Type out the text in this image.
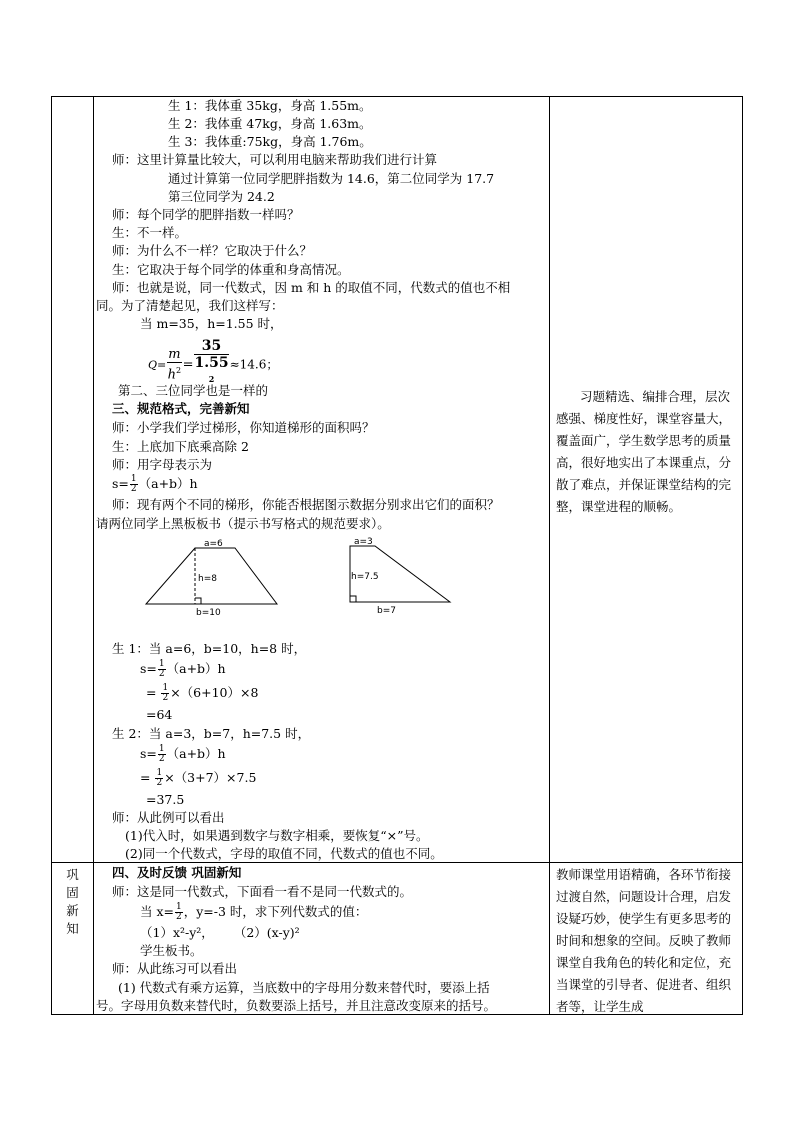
生 1：我体重 35kg，身高 1.55m。
生 2：我体重 47kg，身高 1.63m。
生 3：我体重:75kg，身高 1.76m。
师：这里计算量比较大，可以利用电脑来帮助我们进行计算
通过计算第一位同学肥胖指数为 14.6，第二位同学为 17.7
第三位同学为 24.2
师：每个同学的肥胖指数一样吗？
生：不一样。
师：为什么不一样？它取决于什么？
生：它取决于每个同学的体重和身高情况。
师：也就是说，同一代数式，因 m 和 h 的取值不同，代数式的值也不相
同。为了清楚起见，我们这样写：
当 m=35，h=1.55 时，
$Q= \frac{m}{h^2} = 35$
1.55
$^2$ ≈14.6；
第二、三位同学也是一样的
三、规范格式，完善新知
师：小学我们学过梯形，你知道梯形的面积吗？
生：上底加下底乘高除 2
师：用字母表示为
$s= \frac{1}{2} (a+b)h$
师：现有两个不同的梯形，你能否根据图示数据分别求出它们的面积？
请两位同学上黑板板书（提示书写格式的规范要求）。
a=6
h=8
b=10
a=3
h=7.5
b=7
生 1：当 a=6，b=10，h=8 时，
$s= \frac{1}{2} (a+b)h$
= $\frac{1}{2} \times(6+10)\times 8$
=64
生 2：当 a=3，b=7，h=7.5 时，
$s= \frac{1}{2} (a+b)h$
= $\frac{1}{2} \times(3+7)\times 7.5$
=37.5
师：从此例可以看出
(1)代入时，如果遇到数字与数字相乘，要恢复“×”号。
(2)同一个代数式，字母的取值不同，代数式的值也不同。
习题精选、编排合理，层次感强、梯度性好，课堂容量大，覆盖面广，学生数学思考的质量高，很好地实出了本课重点，分散了难点，并保证课堂结构的完整，课堂进程的顺畅。
巩
固
新
知
四、及时反馈 巩固新知
师：这是同一代数式，下面看一看不是同一代数式的。
当 $x= \frac{1}{2}$ ，y=-3 时，求下列代数式的值：
（1）x²-y²， （2）(x-y)²
学生板书。
师：从此练习可以看出
(1) 代数式有乘方运算，当底数中的字母用分数来替代时，要添上括
号。字母用负数来替代时，负数要添上括号，并且注意改变原来的括号。
教师课堂用语精确，各环节衔接过渡自然，问题设计合理，启发设疑巧妙，使学生有更多思考的时间和想象的空间。反映了教师课堂自我角色的转化和定位，充当课堂的引导者、促进者、组织者等，让学生成
